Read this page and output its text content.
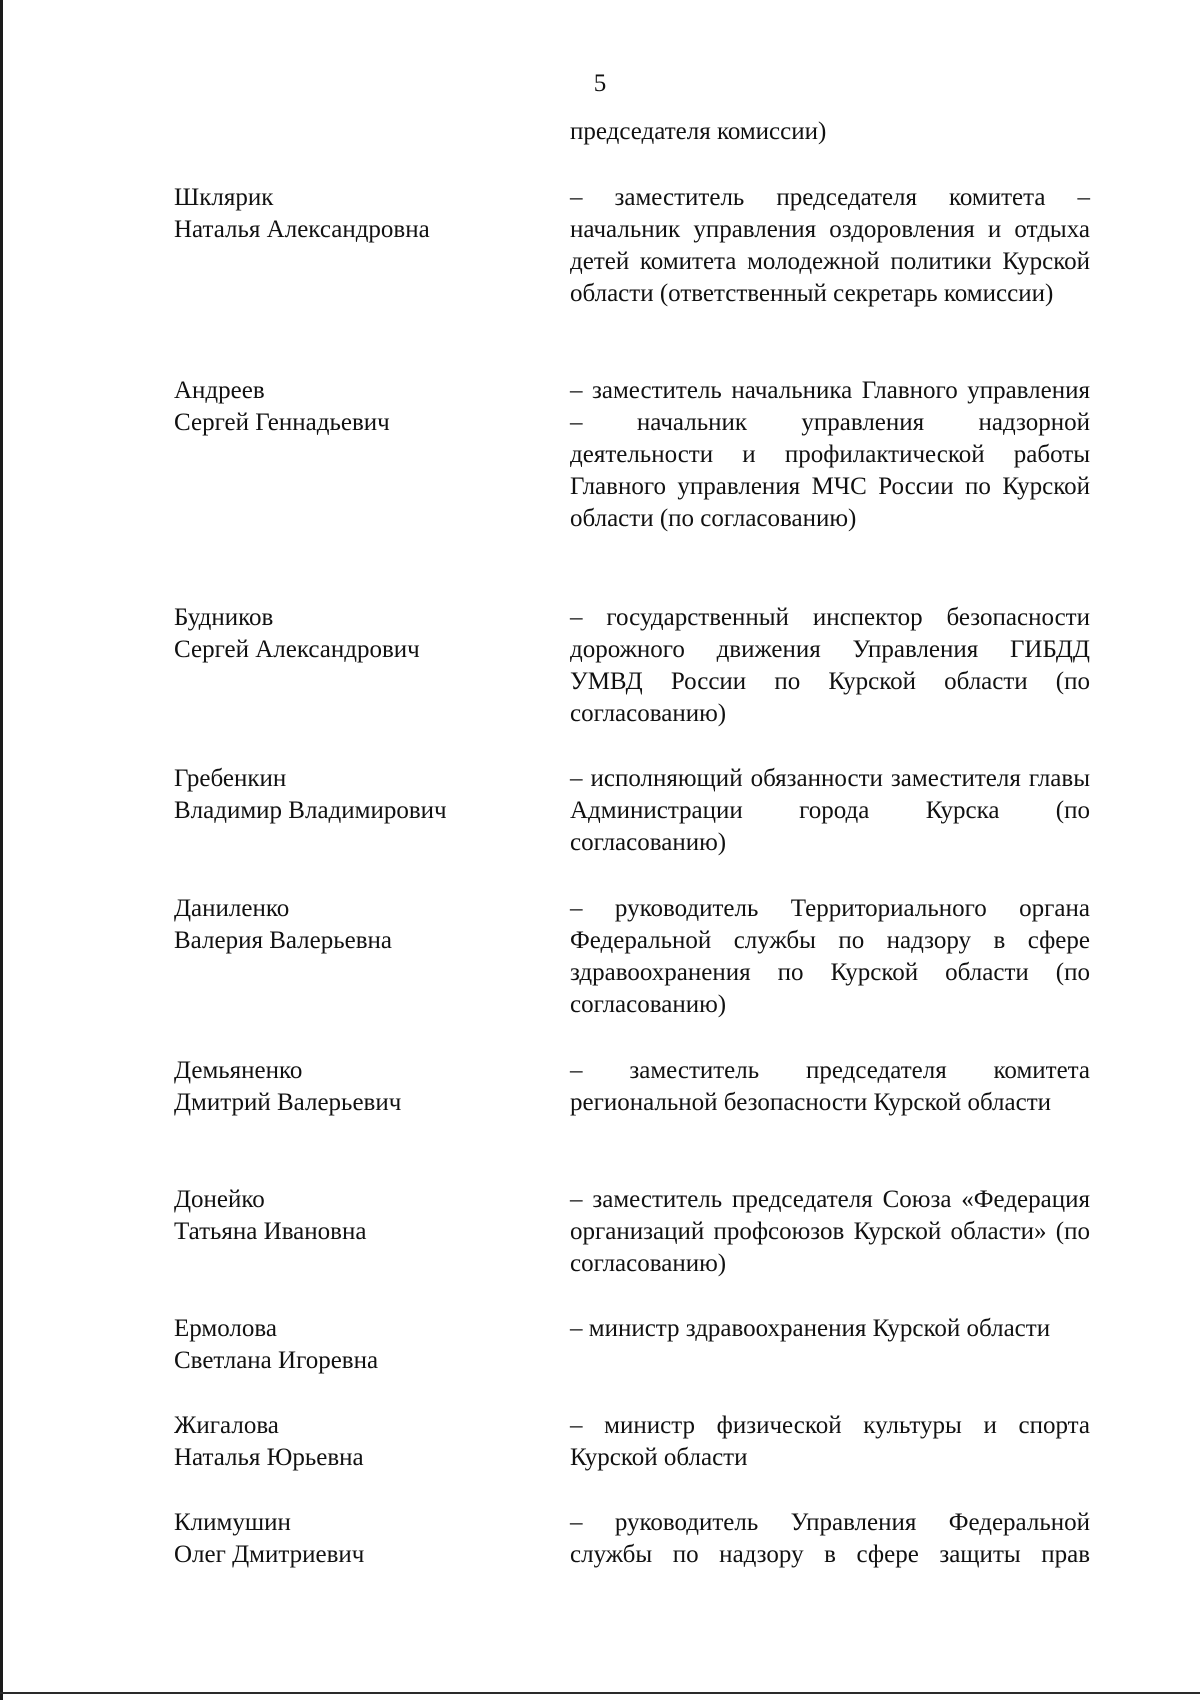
5
председателя комиссии)
Шклярик
Наталья Александровна
– заместитель председателя комитета – начальник управления оздоровления и отдыха детей комитета молодежной политики Курской области (ответственный секретарь комиссии)
Андреев
Сергей Геннадьевич
– заместитель начальника Главного управления – начальник управления надзорной деятельности и профилактической работы Главного управления МЧС России по Курской области (по согласованию)
Будников
Сергей Александрович
– государственный инспектор безопасности дорожного движения Управления ГИБДД УМВД России по Курской области (по согласованию)
Гребенкин
Владимир Владимирович
– исполняющий обязанности заместителя главы Администрации города Курска (по согласованию)
Даниленко
Валерия Валерьевна
– руководитель Территориального органа Федеральной службы по надзору в сфере здравоохранения по Курской области (по согласованию)
Демьяненко
Дмитрий Валерьевич
– заместитель председателя комитета региональной безопасности Курской области
Донейко
Татьяна Ивановна
– заместитель председателя Союза «Федерация организаций профсоюзов Курской области» (по согласованию)
Ермолова
Светлана Игоревна
– министр здравоохранения Курской области
Жигалова
Наталья Юрьевна
– министр физической культуры и спорта Курской области
Климушин
Олег Дмитриевич
– руководитель Управления Федеральной службы по надзору в сфере защиты прав
